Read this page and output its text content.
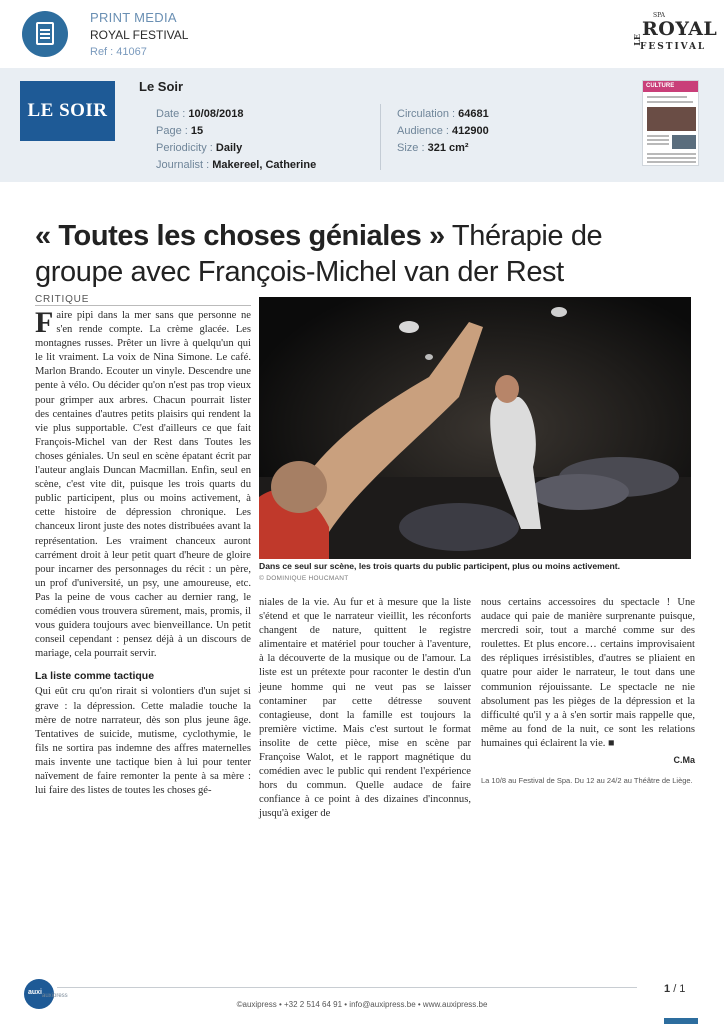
PRINT MEDIA
ROYAL FESTIVAL
Ref : 41067
SPA
LE ROYAL
FESTIVAL
LE SOIR
Le Soir
Date : 10/08/2018
Page : 15
Periodicity : Daily
Journalist : Makereel, Catherine
Circulation : 64681
Audience : 412900
Size : 321 cm²
CULTURE
« Toutes les choses géniales » Thérapie de groupe avec François-Michel van der Rest
CRITIQUE

Faire pipi dans la mer sans que personne ne s'en rende compte. La crème glacée. Les montagnes russes. Prêter un livre à quelqu'un qui le lit vraiment. La voix de Nina Simone. Le café. Marlon Brando. Ecouter un vinyle. Descendre une pente à vélo. Ou décider qu'on n'est pas trop vieux pour grimper aux arbres. Chacun pourrait lister des centaines d'autres petits plaisirs qui rendent la vie plus supportable. C'est d'ailleurs ce que fait François-Michel van der Rest dans Toutes les choses géniales. Un seul en scène épatant écrit par l'auteur anglais Duncan Macmillan. Enfin, seul en scène, c'est vite dit, puisque les trois quarts du public participent, plus ou moins activement, à cette histoire de dépression chronique. Les chanceux liront juste des notes distribuées avant la représentation. Les vraiment chanceux auront carrément droit à leur petit quart d'heure de gloire pour incarner des personnages du récit : un père, un prof d'université, un psy, une amoureuse, etc. Pas la peine de vous cacher au dernier rang, le comédien vous trouvera sûrement, mais, promis, il vous guidera toujours avec bienveillance. Un petit conseil cependant : pensez déjà à un discours de mariage, cela pourrait servir.

La liste comme tactique

Qui eût cru qu'on rirait si volontiers d'un sujet si grave : la dépression. Cette maladie touche la mère de notre narrateur, dès son plus jeune âge. Tentatives de suicide, mutisme, cyclothymie, le fils ne sortira pas indemne des affres maternelles mais invente une tactique bien à lui pour tenter naïvement de faire remonter la pente à sa mère : lui faire des listes de toutes les choses gé-

Dans ce seul sur scène, les trois quarts du public participent, plus ou moins activement.
© DOMINIQUE HOUCMANT

niales de la vie. Au fur et à mesure que la liste s'étend et que le narrateur vieillit, les réconforts changent de nature, quittent le registre alimentaire et matériel pour toucher à l'aventure, à la découverte de la musique ou de l'amour. La liste est un prétexte pour raconter le destin d'un jeune homme qui ne veut pas se laisser contaminer par cette détresse souvent contagieuse, dont la famille est toujours la première victime. Mais c'est surtout le format insolite de cette pièce, mise en scène par Françoise Walot, et le rapport magnétique du comédien avec le public qui rendent l'expérience hors du commun. Quelle audace de faire confiance à ce point à des dizaines d'inconnus, jusqu'à exiger de

nous certains accessoires du spectacle ! Une audace qui paie de manière surprenante puisque, mercredi soir, tout a marché comme sur des roulettes. Et plus encore… certains improvisaient des répliques irrésistibles, d'autres se pliaient en quatre pour aider le narrateur, le tout dans une communion réjouissante. Le spectacle ne nie absolument pas les pièges de la dépression et la difficulté qu'il y a à s'en sortir mais rappelle que, même au fond de la nuit, ce sont les relations humaines qui éclairent la vie. ■

C.Ma
La 10/8 au Festival de Spa. Du 12 au 24/2 au Théâtre de Liège.
auxi auxipress
©auxipress • +32 2 514 64 91 • info@auxipress.be • www.auxipress.be
1 / 1
